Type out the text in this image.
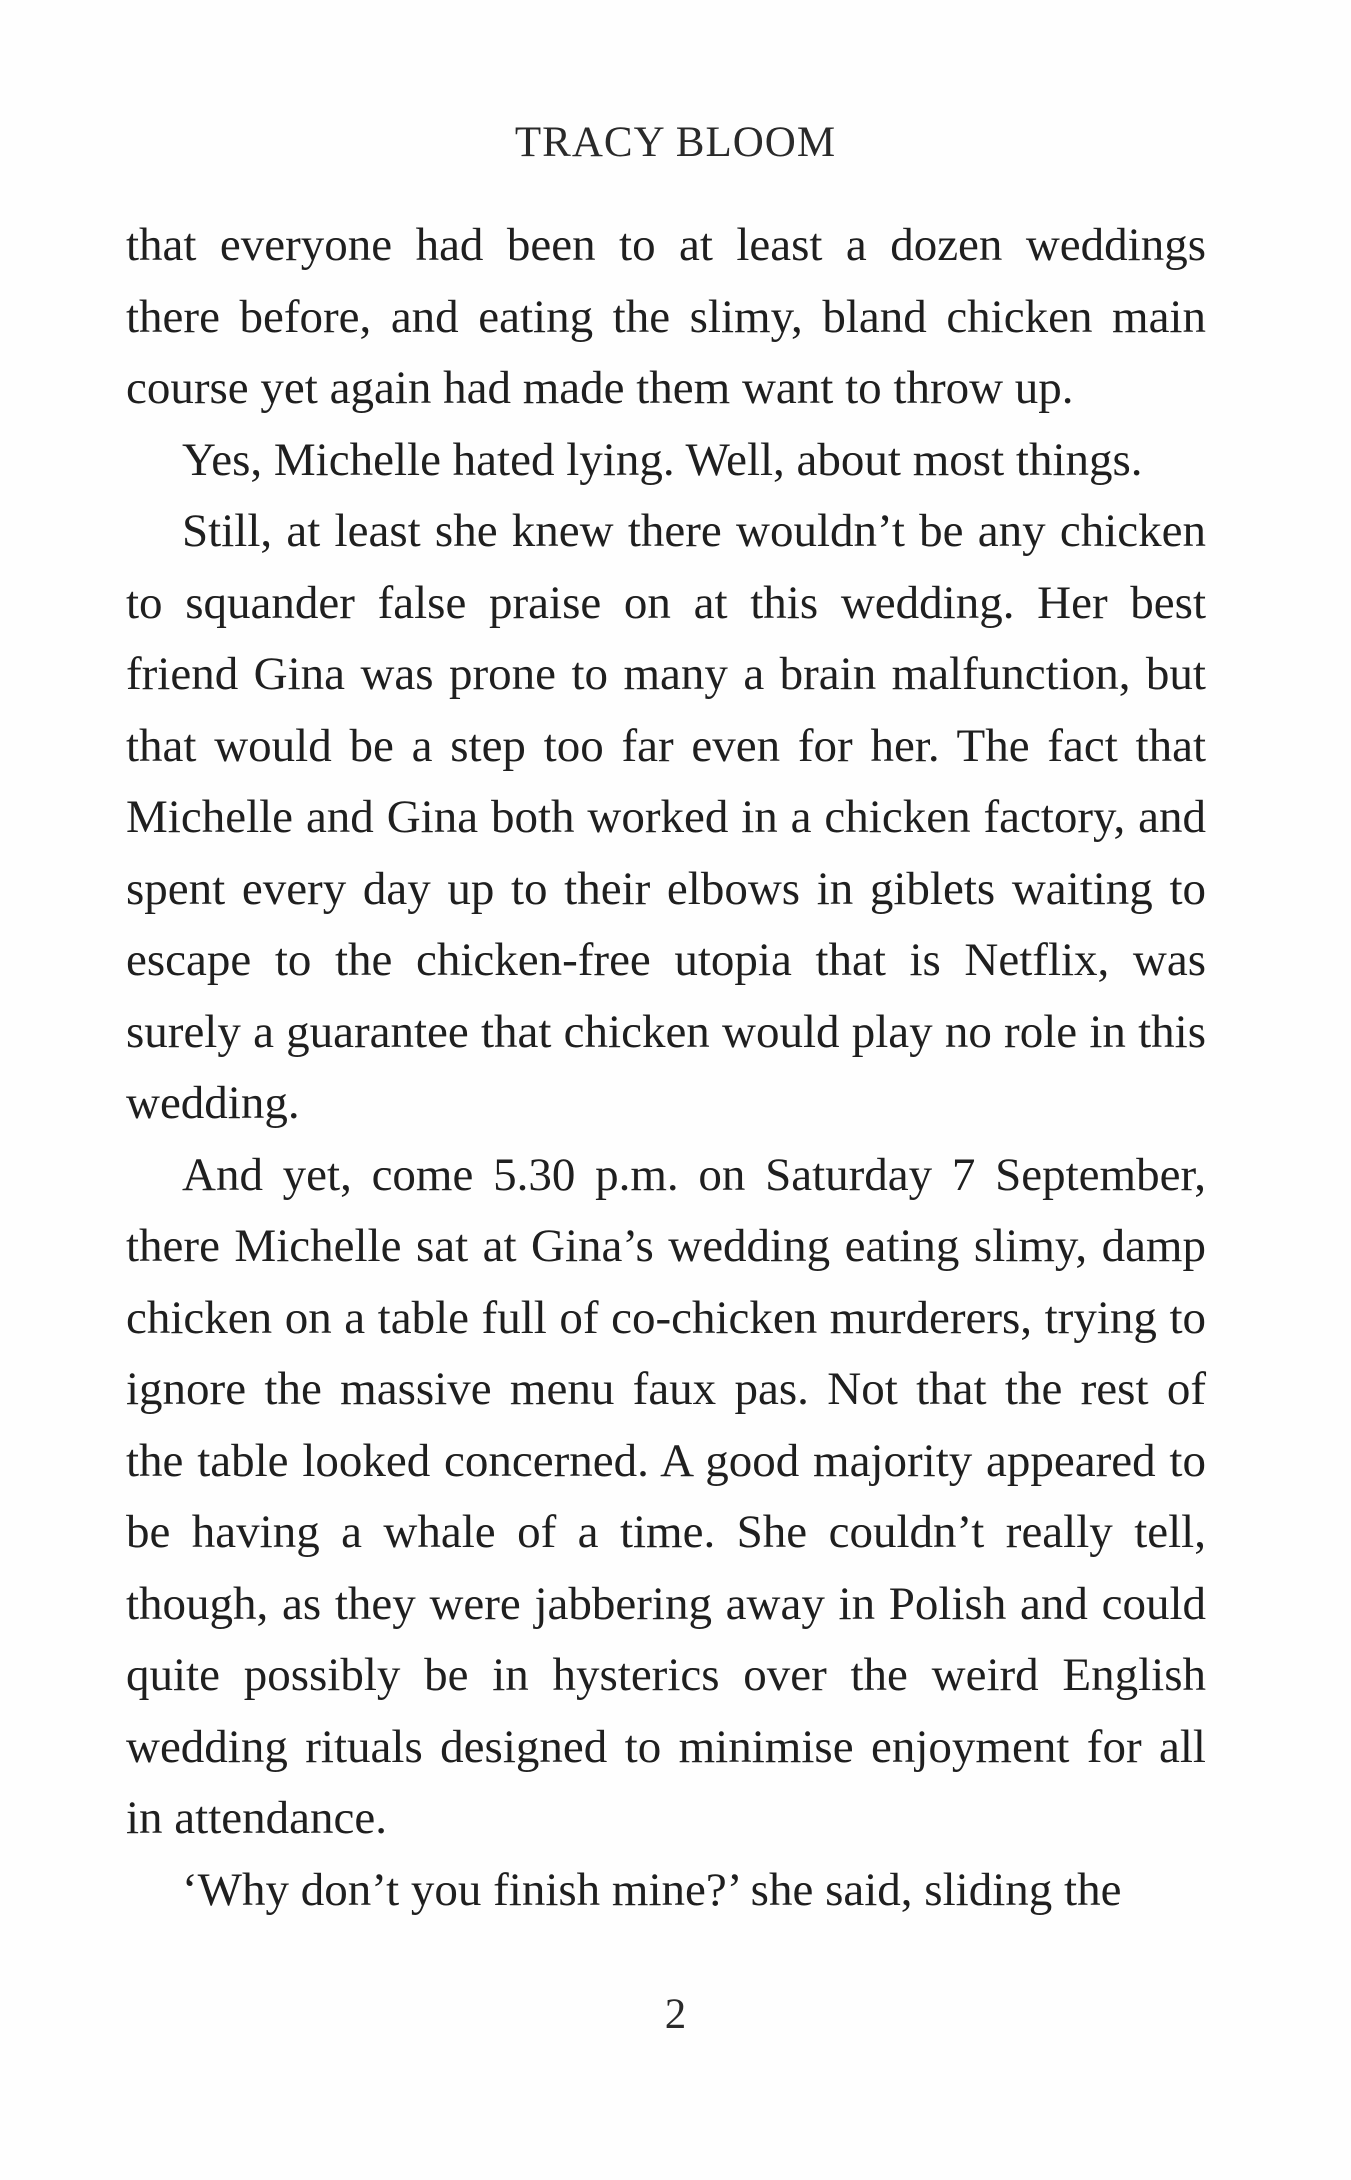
TRACY BLOOM

that everyone had been to at least a dozen weddings there before, and eating the slimy, bland chicken main course yet again had made them want to throw up.

Yes, Michelle hated lying. Well, about most things.

Still, at least she knew there wouldn’t be any chicken to squander false praise on at this wedding. Her best friend Gina was prone to many a brain malfunction, but that would be a step too far even for her. The fact that Michelle and Gina both worked in a chicken factory, and spent every day up to their elbows in giblets waiting to escape to the chicken-free utopia that is Netflix, was surely a guarantee that chicken would play no role in this wedding.

And yet, come 5.30 p.m. on Saturday 7 September, there Michelle sat at Gina’s wedding eating slimy, damp chicken on a table full of co-chicken murderers, trying to ignore the massive menu faux pas. Not that the rest of the table looked concerned. A good majority appeared to be having a whale of a time. She couldn’t really tell, though, as they were jabbering away in Polish and could quite possibly be in hysterics over the weird English wedding rituals designed to minimise enjoyment for all in attendance.

‘Why don’t you finish mine?’ she said, sliding the

2
